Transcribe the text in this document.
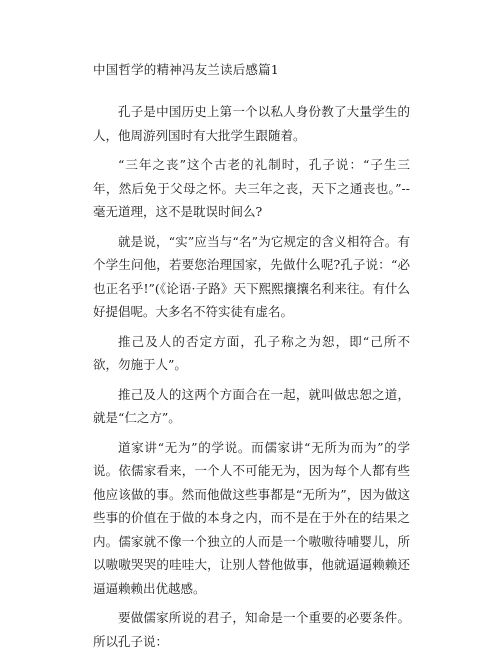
中国哲学的精神冯友兰读后感篇1

孔子是中国历史上第一个以私人身份教了大量学生的人，他周游列国时有大批学生跟随着。

“三年之丧”这个古老的礼制时，孔子说：“子生三年，然后免于父母之怀。夫三年之丧，天下之通丧也。”--毫无道理，这不是耽误时间么?

就是说，“实”应当与“名”为它规定的含义相符合。有个学生问他，若要您治理国家，先做什么呢?孔子说：“必也正名乎!”(《论语·子路》天下熙熙攘攘名利来往。有什么好提倡呢。大多名不符实徒有虚名。

推己及人的否定方面，孔子称之为恕，即“己所不欲，勿施于人”。

推己及人的这两个方面合在一起，就叫做忠恕之道，就是“仁之方”。

道家讲“无为”的学说。而儒家讲“无所为而为”的学说。依儒家看来，一个人不可能无为，因为每个人都有些他应该做的事。然而他做这些事都是“无所为”，因为做这些事的价值在于做的本身之内，而不是在于外在的结果之内。儒家就不像一个独立的人而是一个嗷嗷待哺婴儿，所以嗷嗷哭哭的哇哇大，让别人替他做事，他就逼逼赖赖还逼逼赖赖出优越感。

要做儒家所说的君子，知命是一个重要的必要条件。所以孔子说：
